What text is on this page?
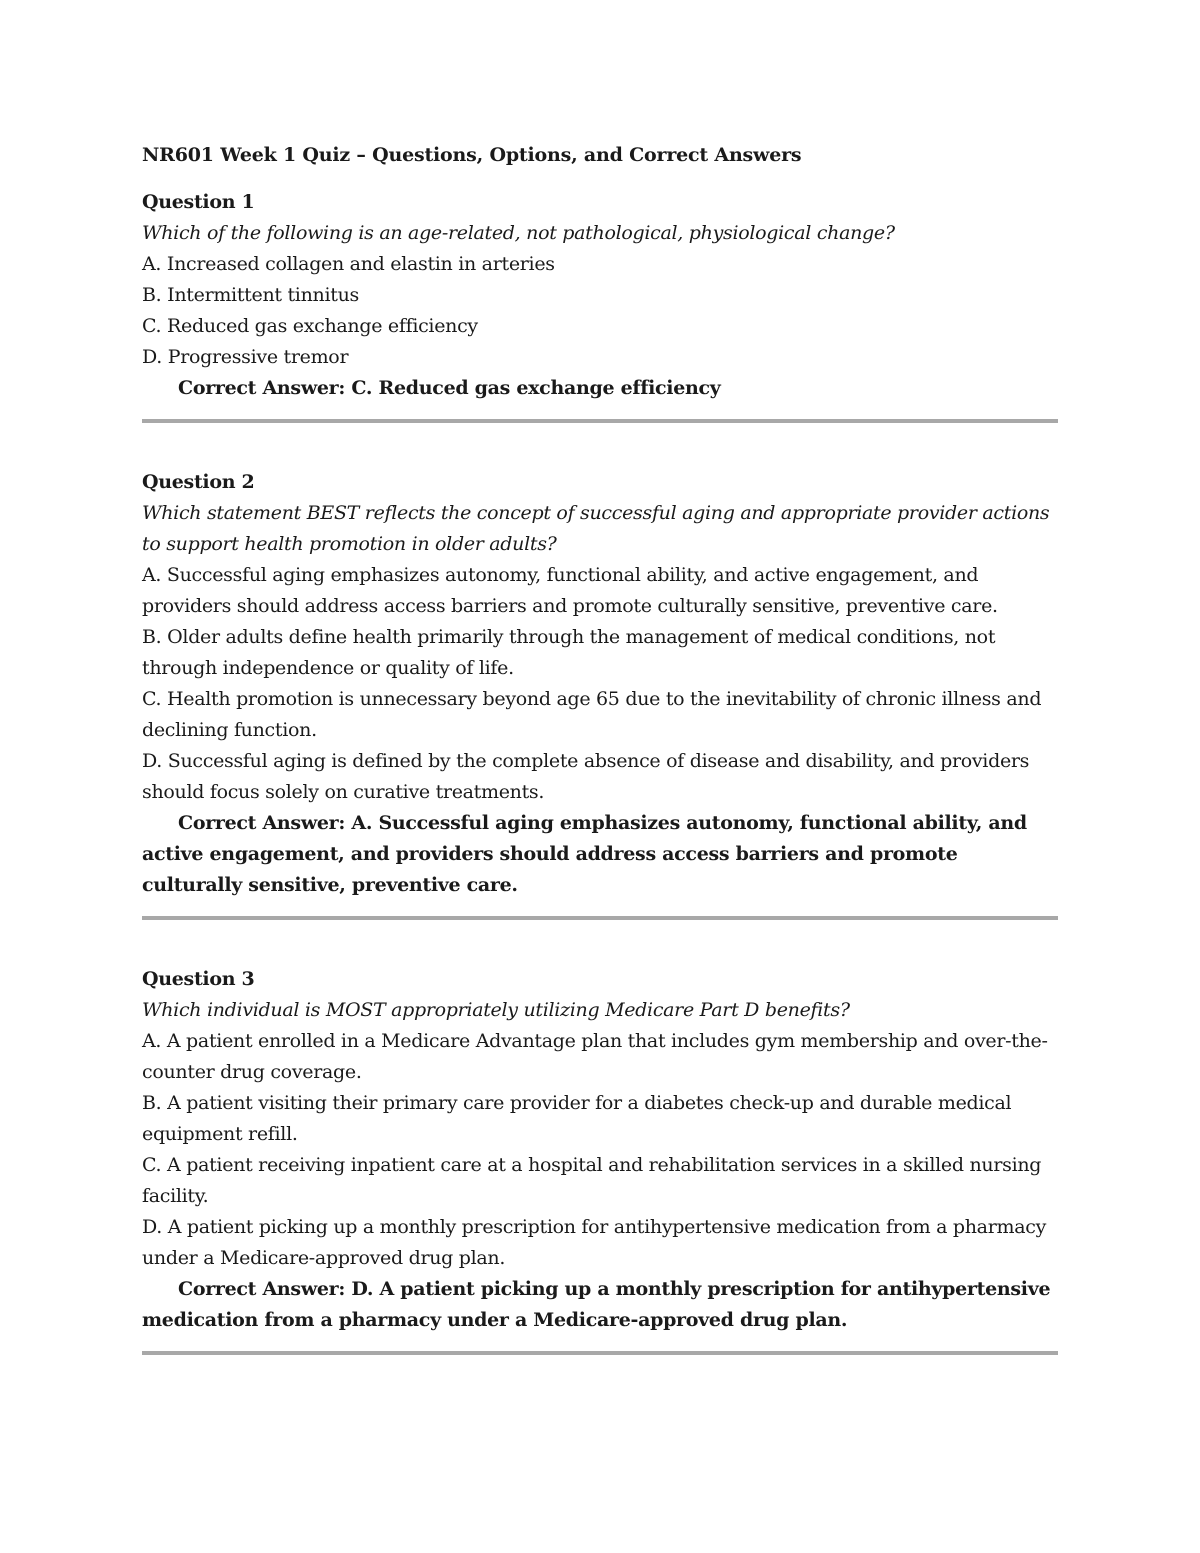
NR601 Week 1 Quiz – Questions, Options, and Correct Answers
Question 1
Which of the following is an age-related, not pathological, physiological change?
A. Increased collagen and elastin in arteries
B. Intermittent tinnitus
C. Reduced gas exchange efficiency
D. Progressive tremor
Correct Answer: C. Reduced gas exchange efficiency
Question 2
Which statement BEST reflects the concept of successful aging and appropriate provider actions to support health promotion in older adults?
A. Successful aging emphasizes autonomy, functional ability, and active engagement, and providers should address access barriers and promote culturally sensitive, preventive care.
B. Older adults define health primarily through the management of medical conditions, not through independence or quality of life.
C. Health promotion is unnecessary beyond age 65 due to the inevitability of chronic illness and declining function.
D. Successful aging is defined by the complete absence of disease and disability, and providers should focus solely on curative treatments.
Correct Answer: A. Successful aging emphasizes autonomy, functional ability, and active engagement, and providers should address access barriers and promote culturally sensitive, preventive care.
Question 3
Which individual is MOST appropriately utilizing Medicare Part D benefits?
A. A patient enrolled in a Medicare Advantage plan that includes gym membership and over-the-counter drug coverage.
B. A patient visiting their primary care provider for a diabetes check-up and durable medical equipment refill.
C. A patient receiving inpatient care at a hospital and rehabilitation services in a skilled nursing facility.
D. A patient picking up a monthly prescription for antihypertensive medication from a pharmacy under a Medicare-approved drug plan.
Correct Answer: D. A patient picking up a monthly prescription for antihypertensive medication from a pharmacy under a Medicare-approved drug plan.
